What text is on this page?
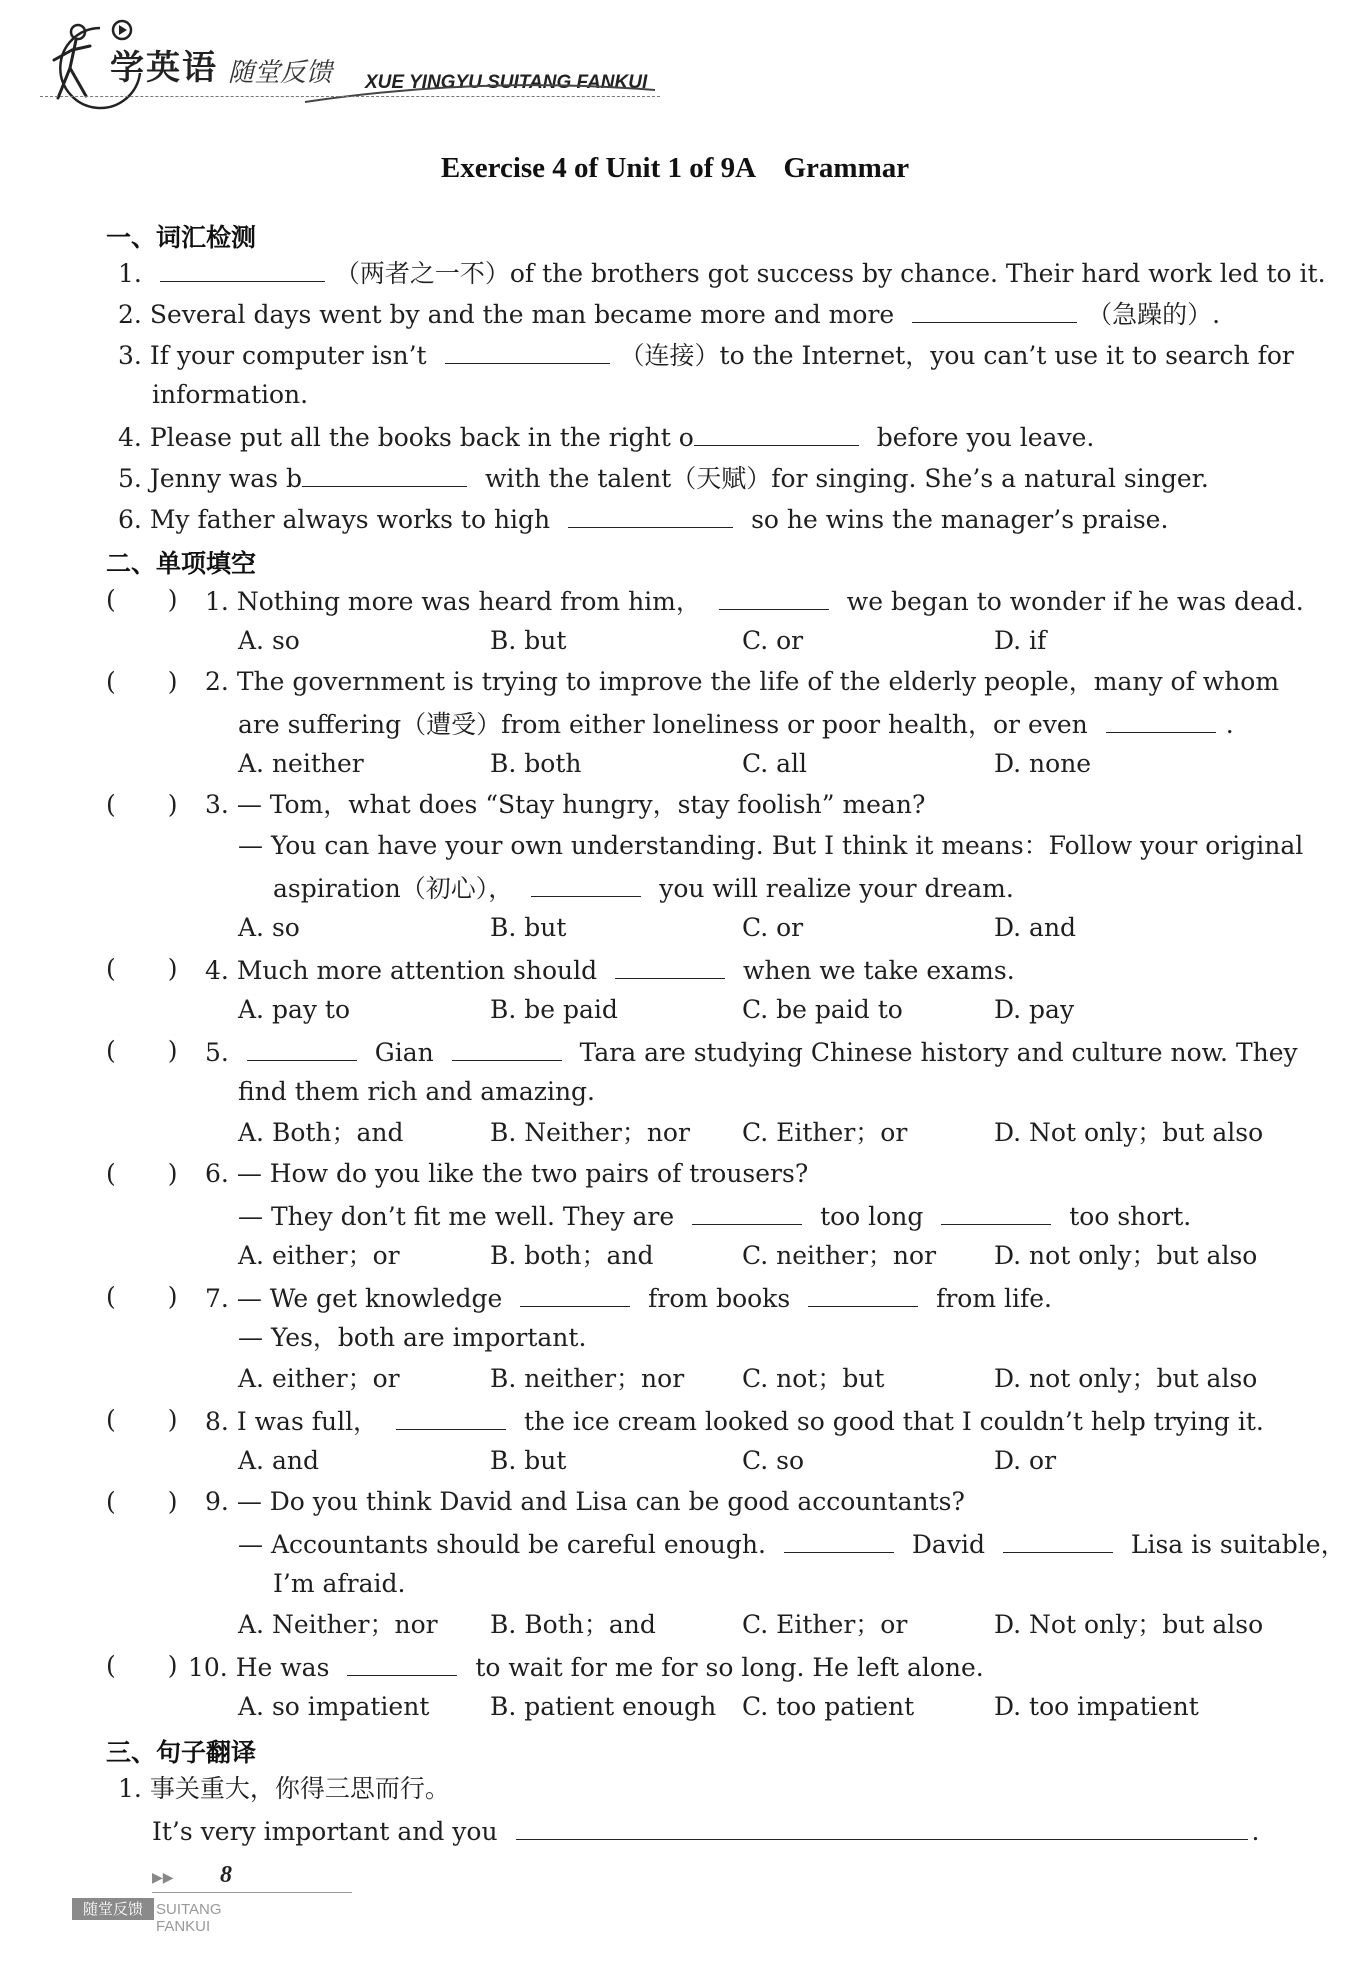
学英语 随堂反馈 XUE YINGYU SUITANG FANKUI
Exercise 4 of Unit 1 of 9A　Grammar
一、词汇检测
1.	（两者之一不）of the brothers got success by chance. Their hard work led to it.
2. Several days went by and the man became more and more	（急躁的）.
3. If your computer isn’t	（连接）to the Internet，you can’t use it to search for
information.
4. Please put all the books back in the right o	before you leave.
5. Jenny was b	with the talent（天赋）for singing. She’s a natural singer.
6. My father always works to high	so he wins the manager’s praise.
二、单项填空
( ) 1. Nothing more was heard from him，	we began to wonder if he was dead.
A. so	B. but	C. or	D. if
( ) 2. The government is trying to improve the life of the elderly people，many of whom
are suffering（遭受）from either loneliness or poor health，or even	.
A. neither	B. both	C. all	D. none
( ) 3. — Tom，what does “Stay hungry，stay foolish” mean?
— You can have your own understanding. But I think it means：Follow your original
aspiration（初心），	you will realize your dream.
A. so	B. but	C. or	D. and
( ) 4. Much more attention should	when we take exams.
A. pay to	B. be paid	C. be paid to	D. pay
( ) 5.	Gian	Tara are studying Chinese history and culture now. They
find them rich and amazing.
A. Both；and	B. Neither；nor C. Either；or	D. Not only；but also
( ) 6. — How do you like the two pairs of trousers?
— They don’t fit me well. They are	too long	too short.
A. either；or	B. both；and	C. neither；nor D. not only；but also
( ) 7. — We get knowledge	from books	from life.
— Yes，both are important.
A. either；or	B. neither；nor C. not；but	D. not only；but also
( ) 8. I was full，	the ice cream looked so good that I couldn’t help trying it.
A. and	B. but	C. so	D. or
( ) 9. — Do you think David and Lisa can be good accountants?
— Accountants should be careful enough.	David	Lisa is suitable，
I’m afraid.
A. Neither；nor B. Both；and	C. Either；or	D. Not only；but also
( ) 10. He was	to wait for me for so long. He left alone.
A. so impatient B. patient enough C. too patient	D. too impatient
三、句子翻译
1. 事关重大，你得三思而行。
It’s very important and you	.
▶▶ 8
随堂反馈 SUITANG FANKUI
